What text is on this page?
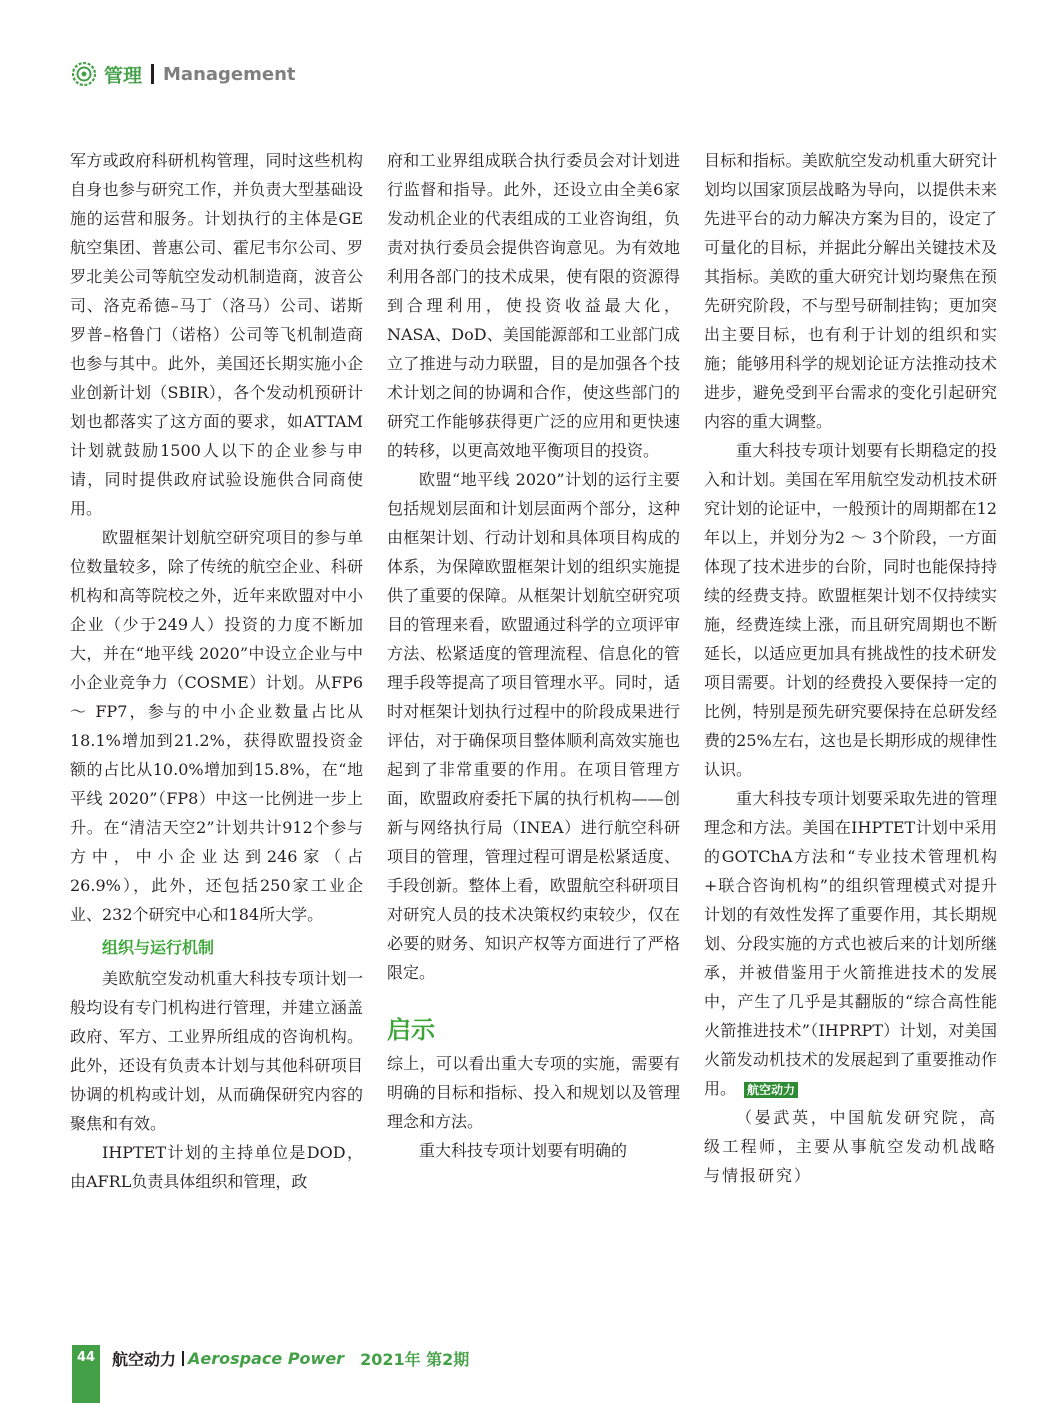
管理 Management

军方或政府科研机构管理，同时这些机构自身也参与研究工作，并负责大型基础设施的运营和服务。计划执行的主体是GE航空集团、普惠公司、霍尼韦尔公司、罗罗北美公司等航空发动机制造商，波音公司、洛克希德–马丁（洛马）公司、诺斯罗普–格鲁门（诺格）公司等飞机制造商也参与其中。此外，美国还长期实施小企业创新计划（SBIR），各个发动机预研计划也都落实了这方面的要求，如ATTAM计划就鼓励1500人以下的企业参与申请，同时提供政府试验设施供合同商使用。

欧盟框架计划航空研究项目的参与单位数量较多，除了传统的航空企业、科研机构和高等院校之外，近年来欧盟对中小企业（少于249人）投资的力度不断加大，并在“地平线 2020”中设立企业与中小企业竞争力（COSME）计划。从FP6 ～ FP7，参与的中小企业数量占比从18.1%增加到21.2%，获得欧盟投资金额的占比从10.0%增加到15.8%，在“地平线 2020”（FP8）中这一比例进一步上升。在“清洁天空2”计划共计912个参与方中，中小企业达到246家（占26.9%），此外，还包括250家工业企业、232个研究中心和184所大学。

组织与运行机制

美欧航空发动机重大科技专项计划一般均设有专门机构进行管理，并建立涵盖政府、军方、工业界所组成的咨询机构。此外，还设有负责本计划与其他科研项目协调的机构或计划，从而确保研究内容的聚焦和有效。

IHPTET计划的主持单位是DOD，由AFRL负责具体组织和管理，政

府和工业界组成联合执行委员会对计划进行监督和指导。此外，还设立由全美6家发动机企业的代表组成的工业咨询组，负责对执行委员会提供咨询意见。为有效地利用各部门的技术成果，使有限的资源得到合理利用，使投资收益最大化，NASA、DoD、美国能源部和工业部门成立了推进与动力联盟，目的是加强各个技术计划之间的协调和合作，使这些部门的研究工作能够获得更广泛的应用和更快速的转移，以更高效地平衡项目的投资。

欧盟“地平线 2020”计划的运行主要包括规划层面和计划层面两个部分，这种由框架计划、行动计划和具体项目构成的体系，为保障欧盟框架计划的组织实施提供了重要的保障。从框架计划航空研究项目的管理来看，欧盟通过科学的立项评审方法、松紧适度的管理流程、信息化的管理手段等提高了项目管理水平。同时，适时对框架计划执行过程中的阶段成果进行评估，对于确保项目整体顺利高效实施也起到了非常重要的作用。在项目管理方面，欧盟政府委托下属的执行机构——创新与网络执行局（INEA）进行航空科研项目的管理，管理过程可谓是松紧适度、手段创新。整体上看，欧盟航空科研项目对研究人员的技术决策权约束较少，仅在必要的财务、知识产权等方面进行了严格限定。

启示

综上，可以看出重大专项的实施，需要有明确的目标和指标、投入和规划以及管理理念和方法。

重大科技专项计划要有明确的

目标和指标。美欧航空发动机重大研究计划均以国家顶层战略为导向，以提供未来先进平台的动力解决方案为目的，设定了可量化的目标，并据此分解出关键技术及其指标。美欧的重大研究计划均聚焦在预先研究阶段，不与型号研制挂钩；更加突出主要目标，也有利于计划的组织和实施；能够用科学的规划论证方法推动技术进步，避免受到平台需求的变化引起研究内容的重大调整。

重大科技专项计划要有长期稳定的投入和计划。美国在军用航空发动机技术研究计划的论证中，一般预计的周期都在12年以上，并划分为2 ～ 3个阶段，一方面体现了技术进步的台阶，同时也能保持持续的经费支持。欧盟框架计划不仅持续实施，经费连续上涨，而且研究周期也不断延长，以适应更加具有挑战性的技术研发项目需要。计划的经费投入要保持一定的比例，特别是预先研究要保持在总研发经费的25%左右，这也是长期形成的规律性认识。

重大科技专项计划要采取先进的管理理念和方法。美国在IHPTET计划中采用的GOTChA方法和“专业技术管理机构+联合咨询机构”的组织管理模式对提升计划的有效性发挥了重要作用，其长期规划、分段实施的方式也被后来的计划所继承，并被借鉴用于火箭推进技术的发展中，产生了几乎是其翻版的“综合高性能火箭推进技术”（IHPRPT）计划，对美国火箭发动机技术的发展起到了重要推动作用。 航空动力

（晏武英，中国航发研究院，高级工程师，主要从事航空发动机战略与情报研究）

44	航空动力 Aerospace Power 2021年 第2期
